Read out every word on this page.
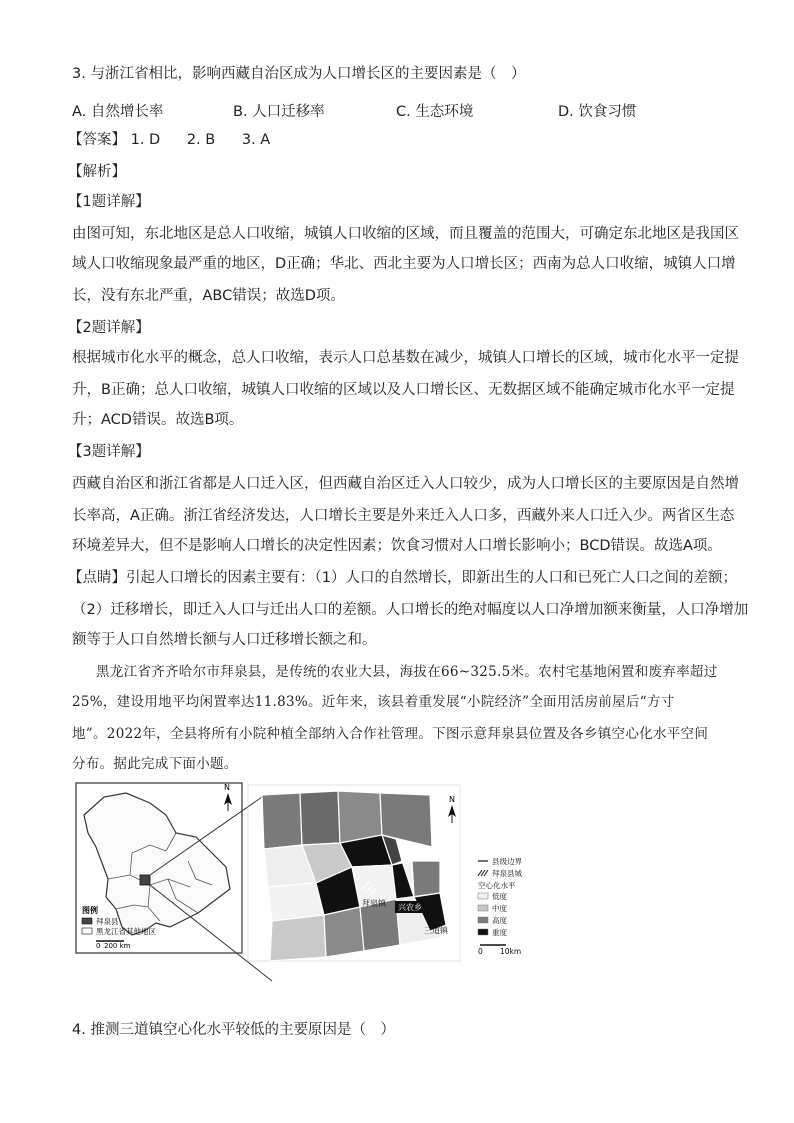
3. 与浙江省相比，影响西藏自治区成为人口增长区的主要因素是（　）
A. 自然增长率	B. 人口迁移率	C. 生态环境	D. 饮食习惯
【答案】 1. D 2. B 3. A
【解析】
【1题详解】
由图可知，东北地区是总人口收缩，城镇人口收缩的区域，而且覆盖的范围大，可确定东北地区是我国区
域人口收缩现象最严重的地区，D正确；华北、西北主要为人口增长区；西南为总人口收缩，城镇人口增
长，没有东北严重，ABC错误；故选D项。
【2题详解】
根据城市化水平的概念，总人口收缩，表示人口总基数在减少，城镇人口增长的区域，城市化水平一定提
升，B正确；总人口收缩，城镇人口收缩的区域以及人口增长区、无数据区域不能确定城市化水平一定提
升；ACD错误。故选B项。
【3题详解】
西藏自治区和浙江省都是人口迁入区，但西藏自治区迁入人口较少，成为人口增长区的主要原因是自然增
长率高，A正确。浙江省经济发达，人口增长主要是外来迁入人口多，西藏外来人口迁入少。两省区生态
环境差异大，但不是影响人口增长的决定性因素；饮食习惯对人口增长影响小；BCD错误。故选A项。
【点睛】引起人口增长的因素主要有：（1）人口的自然增长，即新出生的人口和已死亡人口之间的差额；
（2）迁移增长，即迁入人口与迁出人口的差额。人口增长的绝对幅度以人口净增加额来衡量，人口净增加
额等于人口自然增长额与人口迁移增长额之和。
黑龙江省齐齐哈尔市拜泉县，是传统的农业大县，海拔在66~325.5米。农村宅基地闲置和废弃率超过
25%，建设用地平均闲置率达11.83%。近年来，该县着重发展“小院经济”全面用活房前屋后“方寸
地”。2022年，全县将所有小院种植全部纳入合作社管理。下图示意拜泉县位置及各乡镇空心化水平空间
分布。据此完成下面小题。
N
图例
拜泉县
黑龙江省其他地区
0 200 km
拜泉镇 兴农乡
三道镇
N
县级边界
拜泉县城
空心化水平
低度
中度
高度
重度
0 10km
4. 推测三道镇空心化水平较低的主要原因是（　）
